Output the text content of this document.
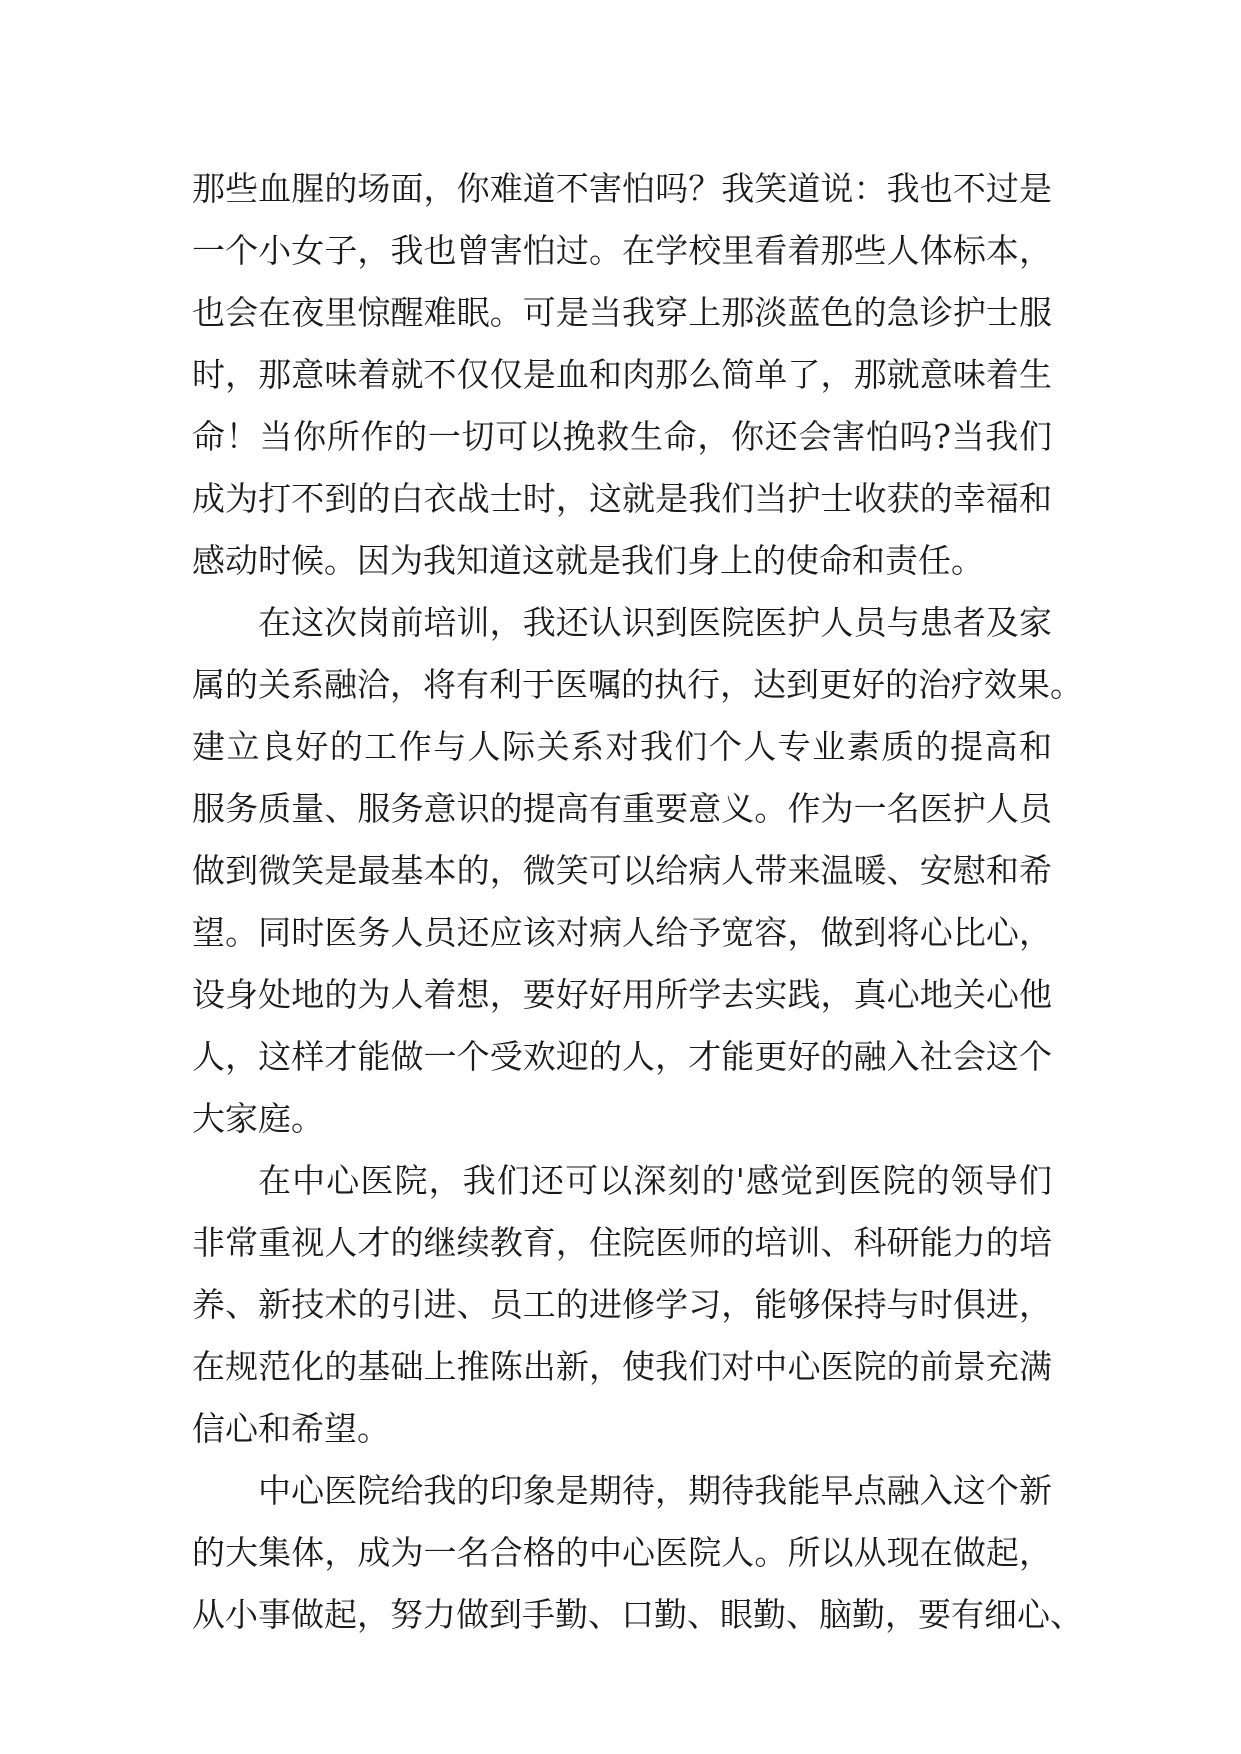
那些血腥的场面，你难道不害怕吗？我笑道说：我也不过是
一个小女子，我也曾害怕过。在学校里看着那些人体标本，
也会在夜里惊醒难眠。可是当我穿上那淡蓝色的急诊护士服
时，那意味着就不仅仅是血和肉那么简单了，那就意味着生
命！当你所作的一切可以挽救生命，你还会害怕吗?当我们
成为打不到的白衣战士时，这就是我们当护士收获的幸福和
感动时候。因为我知道这就是我们身上的使命和责任。
在这次岗前培训，我还认识到医院医护人员与患者及家
属的关系融洽，将有利于医嘱的执行，达到更好的治疗效果。
建立良好的工作与人际关系对我们个人专业素质的提高和
服务质量、服务意识的提高有重要意义。作为一名医护人员
做到微笑是最基本的，微笑可以给病人带来温暖、安慰和希
望。同时医务人员还应该对病人给予宽容，做到将心比心，
设身处地的为人着想，要好好用所学去实践，真心地关心他
人，这样才能做一个受欢迎的人，才能更好的融入社会这个
大家庭。
在中心医院，我们还可以深刻的'感觉到医院的领导们
非常重视人才的继续教育，住院医师的培训、科研能力的培
养、新技术的引进、员工的进修学习，能够保持与时俱进，
在规范化的基础上推陈出新，使我们对中心医院的前景充满
信心和希望。
中心医院给我的印象是期待，期待我能早点融入这个新
的大集体，成为一名合格的中心医院人。所以从现在做起，
从小事做起，努力做到手勤、口勤、眼勤、脑勤，要有细心、
